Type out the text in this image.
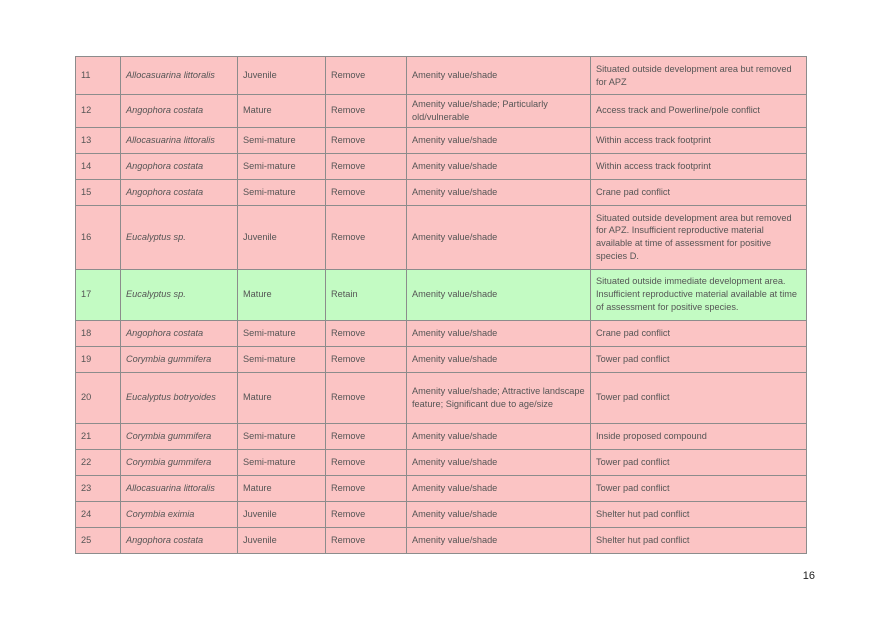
11	Allocasuarina littoralis	Juvenile	Remove	Amenity value/shade	Situated outside development area but removed for APZ
12	Angophora costata	Mature	Remove	Amenity value/shade; Particularly old/vulnerable	Access track and Powerline/pole conflict
13	Allocasuarina littoralis	Semi-mature	Remove	Amenity value/shade	Within access track footprint
14	Angophora costata	Semi-mature	Remove	Amenity value/shade	Within access track footprint
15	Angophora costata	Semi-mature	Remove	Amenity value/shade	Crane pad conflict
16	Eucalyptus sp.	Juvenile	Remove	Amenity value/shade	Situated outside development area but removed for APZ. Insufficient reproductive material available at time of assessment for positive species D.
17	Eucalyptus sp.	Mature	Retain	Amenity value/shade	Situated outside immediate development area. Insufficient reproductive material available at time of assessment for positive species.
18	Angophora costata	Semi-mature	Remove	Amenity value/shade	Crane pad conflict
19	Corymbia gummifera	Semi-mature	Remove	Amenity value/shade	Tower pad conflict
20	Eucalyptus botryoides	Mature	Remove	Amenity value/shade; Attractive landscape feature; Significant due to age/size	Tower pad conflict
21	Corymbia gummifera	Semi-mature	Remove	Amenity value/shade	Inside proposed compound
22	Corymbia gummifera	Semi-mature	Remove	Amenity value/shade	Tower pad conflict
23	Allocasuarina littoralis	Mature	Remove	Amenity value/shade	Tower pad conflict
24	Corymbia eximia	Juvenile	Remove	Amenity value/shade	Shelter hut pad conflict
25	Angophora costata	Juvenile	Remove	Amenity value/shade	Shelter hut pad conflict
16
